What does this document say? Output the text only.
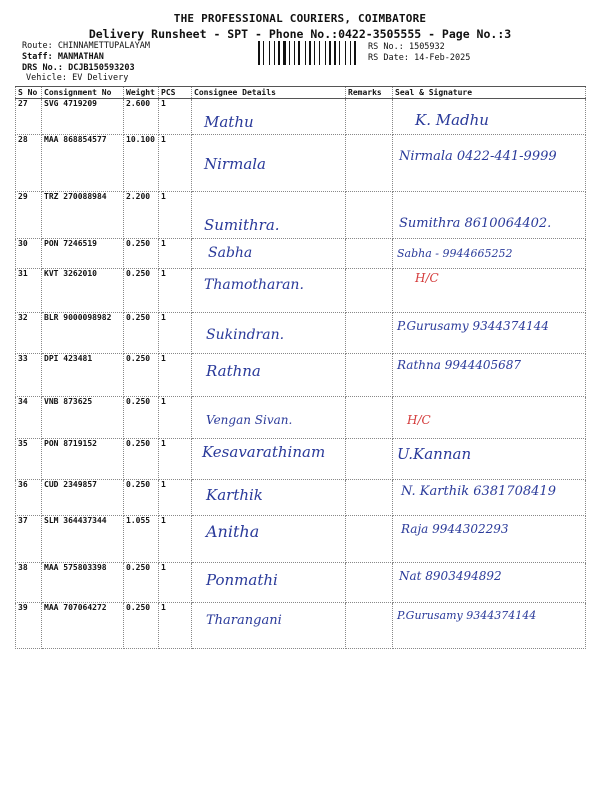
THE PROFESSIONAL COURIERS, COIMBATORE
Delivery Runsheet - SPT - Phone No.:0422-3505555 - Page No.:3
Route: CHINNAMETTUPALAYAM
Staff: MANMATHAN
DRS No.: DCJB150593203
Vehicle: EV Delivery
RS No.: 1505932
RS Date: 14-Feb-2025
S No	Consignment No	Weight	PCS	Consignee Details	Remarks	Seal & Signature
27	SVG 4719209	2.600	1	Mathu		K. Madhu

28	MAA 868854577	10.100	1	Nirmala		Nirmala 0422-441-9999

29	TRZ 270088984	2.200	1	Sumithra.		Sumithra 8610064402.

30	PON 7246519	0.250	1	Sabha		Sabha - 9944665252

31	KVT 3262010	0.250	1	Thamotharan.		H/C

32	BLR 9000098982	0.250	1	Sukindran.		P.Gurusamy 9344374144

33	DPI 423481	0.250	1	Rathna		Rathna 9944405687

34	VNB 873625	0.250	1	Vengan Sivan.		H/C

35	PON 8719152	0.250	1	Kesavarathinam		U.Kannan

36	CUD 2349857	0.250	1	Karthik		N. Karthik 6381708419

37	SLM 364437344	1.055	1	Anitha		Raja 9944302293

38	MAA 575803398	0.250	1	Ponmathi		Nat 8903494892

39	MAA 707064272	0.250	1	Tharangani		P.Gurusamy 9344374144
